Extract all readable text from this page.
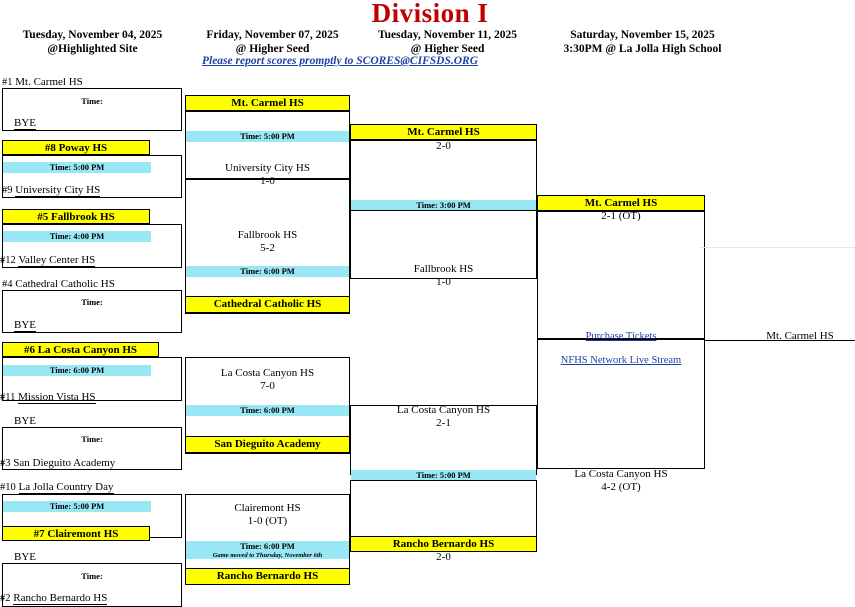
Division I
Tuesday, November 04, 2025
@Highlighted Site
Friday, November 07, 2025
@ Higher Seed
Tuesday, November 11, 2025
@ Higher Seed
Saturday, November 15, 2025
3:30PM @ La Jolla High School
Please report scores promptly to SCORES@CIFSDS.ORG
#1 Mt. Carmel HS
Time:
BYE
#8 Poway HS
Time: 5:00 PM
#9 University City HS
#5 Fallbrook HS
Time: 4:00 PM
#12 Valley Center HS
#4 Cathedral Catholic HS
Time:
BYE
#6 La Costa Canyon HS
Time: 6:00 PM
#11 Mission Vista HS
BYE
Time:
#3 San Dieguito Academy
#10 La Jolla Country Day
Time: 5:00 PM
#7 Clairemont HS
BYE
Time:
#2 Rancho Bernardo HS
Mt. Carmel HS
Time: 5:00 PM
University City HS
1-0
Fallbrook HS
5-2
Time: 6:00 PM
Cathedral Catholic HS
La Costa Canyon HS
7-0
Time: 6:00 PM
San Dieguito Academy
Clairemont HS
1-0 (OT)
Time: 6:00 PM
Game moved to Thursday, November 6th
Rancho Bernardo HS
Mt. Carmel HS
2-0
Time: 3:00 PM
Fallbrook HS
1-0
La Costa Canyon HS
2-1
Time: 5:00 PM
Rancho Bernardo HS
2-0
Mt. Carmel HS
2-1 (OT)
La Costa Canyon HS
4-2 (OT)
Purchase Tickets
NFHS Network Live Stream
Mt. Carmel HS
